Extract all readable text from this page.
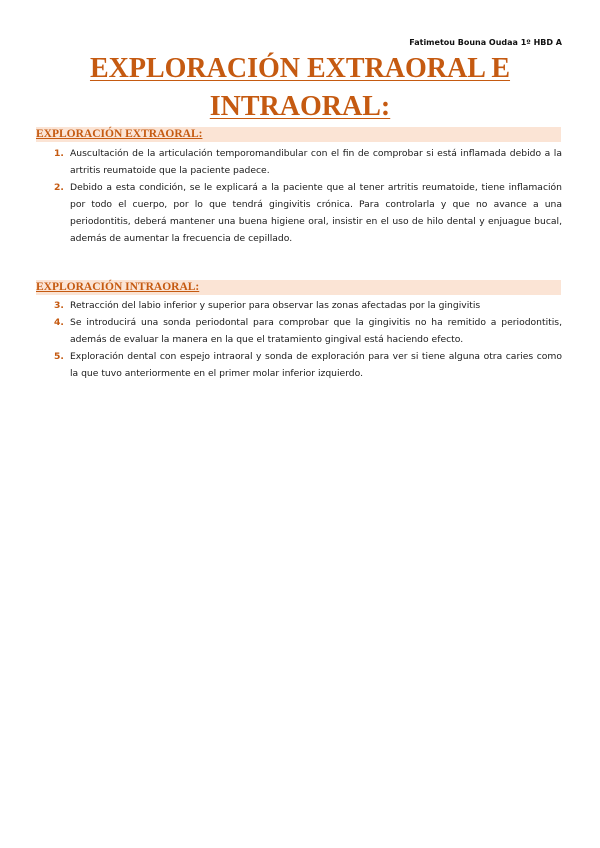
Fatimetou Bouna Oudaa 1º HBD A
EXPLORACIÓN EXTRAORAL E INTRAORAL:
EXPLORACIÓN EXTRAORAL:
1. Auscultación de la articulación temporomandibular con el fin de comprobar si está inflamada debido a la artritis reumatoide que la paciente padece.
2. Debido a esta condición, se le explicará a la paciente que al tener artritis reumatoide, tiene inflamación por todo el cuerpo, por lo que tendrá gingivitis crónica. Para controlarla y que no avance a una periodontitis, deberá mantener una buena higiene oral, insistir en el uso de hilo dental y enjuague bucal, además de aumentar la frecuencia de cepillado.
EXPLORACIÓN INTRAORAL:
3. Retracción del labio inferior y superior para observar las zonas afectadas por la gingivitis
4. Se introducirá una sonda periodontal para comprobar que la gingivitis no ha remitido a periodontitis, además de evaluar la manera en la que el tratamiento gingival está haciendo efecto.
5. Exploración dental con espejo intraoral y sonda de exploración para ver si tiene alguna otra caries como la que tuvo anteriormente en el primer molar inferior izquierdo.
